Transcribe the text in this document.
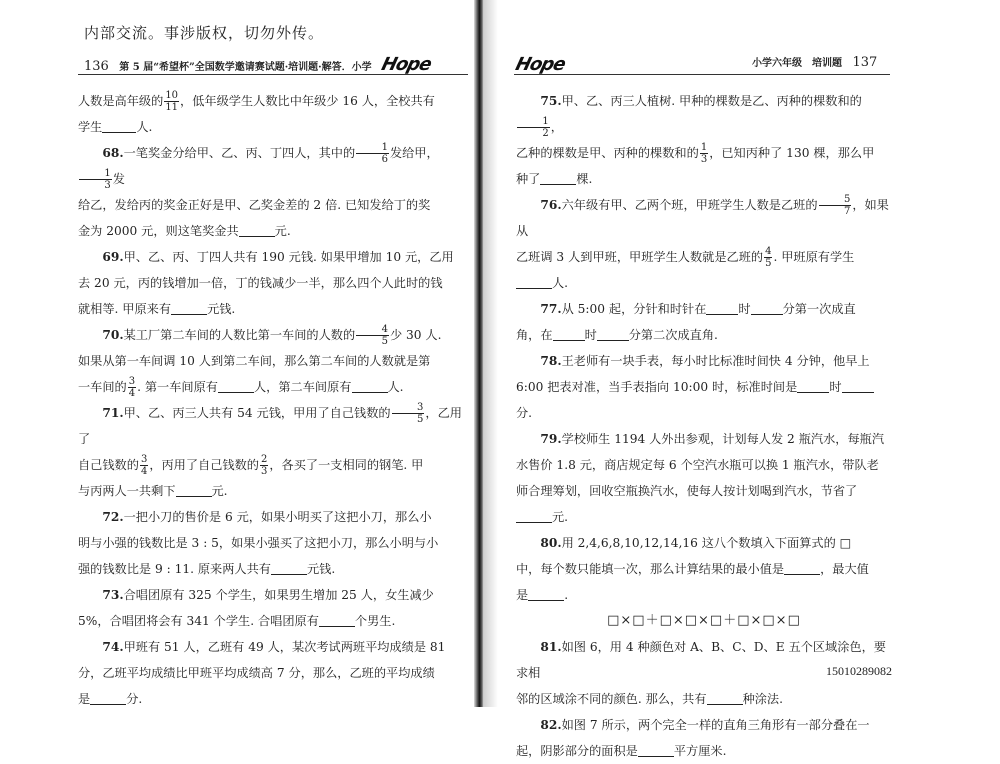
内部交流。事涉版权，切勿外传。
136 第 5 届“希望杯”全国数学邀请赛试题·培训题·解答．小学 Hope

人数是高年级的 $\frac{10}{11}$ ，低年级学生人数比中年级少 16 人，全校共有

学生	人.

68.一笔奖金分给甲、乙、丙、丁四人，其中的 $\frac{1}{6}$ 发给甲，
$\frac{1}{3}$ 发

给乙，发给丙的奖金正好是甲、乙奖金差的 2 倍. 已知发给丁的奖

金为 2000 元，则这笔奖金共	元.

69.甲、乙、丙、丁四人共有 190 元钱. 如果甲增加 10 元，乙用

去 20 元，丙的钱增加一倍，丁的钱减少一半，那么四个人此时的钱

就相等. 甲原来有	元钱.

70.某工厂第二车间的人数比第一车间的人数的 $\frac{4}{5}$ 少 30 人.

如果从第一车间调 10 人到第二车间，那么第二车间的人数就是第

一车间的 $\frac{3}{4}$ . 第一车间原有	人，第二车间原有	人.

71.甲、乙、丙三人共有 54 元钱，甲用了自己钱数的 $\frac{3}{5}$ ，乙用了

自己钱数的 $\frac{3}{4}$ ，丙用了自己钱数的 $\frac{2}{3}$ ，各买了一支相同的钢笔. 甲

与丙两人一共剩下	元.

72.一把小刀的售价是 6 元，如果小明买了这把小刀，那么小

明与小强的钱数比是 3 : 5，如果小强买了这把小刀，那么小明与小

强的钱数比是 9 : 11. 原来两人共有	元钱.

73.合唱团原有 325 个学生，如果男生增加 25 人，女生减少

5%，合唱团将会有 341 个学生. 合唱团原有	个男生.

74.甲班有 51 人，乙班有 49 人，某次考试两班平均成绩是 81

分，乙班平均成绩比甲班平均成绩高 7 分，那么，乙班的平均成绩

是	分.

Hope	小学六年级　培训题 137

75.甲、乙、丙三人植树. 甲种的棵数是乙、丙种的棵数和的
$\frac{1}{2}$ ，

乙种的棵数是甲、丙种的棵数和的 $\frac{1}{3}$ ，已知丙种了 130 棵，那么甲

种了	棵.

76.六年级有甲、乙两个班，甲班学生人数是乙班的 $\frac{5}{7}$ ，如果从

乙班调 3 人到甲班，甲班学生人数就是乙班的 $\frac{4}{5}$ . 甲班原有学生

人.

77.从 5:00 起，分针和时针在	时	分第一次成直

角，在	时	分第二次成直角.

78.王老师有一块手表，每小时比标准时间快 4 分钟，他早上

6:00 把表对准，当手表指向 10:00 时，标准时间是	时

分.

79.学校师生 1194 人外出参观，计划每人发 2 瓶汽水，每瓶汽

水售价 1.8 元，商店规定每 6 个空汽水瓶可以换 1 瓶汽水，带队老

师合理筹划，回收空瓶换汽水，使每人按计划喝到汽水，节省了

元.

80.用 2,4,6,8,10,12,14,16 这八个数填入下面算式的 □

中，每个数只能填一次，那么计算结果的最小值是	，最大值

是	.

□×□＋□×□×□＋□×□×□

81.如图 6，用 4 种颜色对 A、B、C、D、E 五个区域涂色，要求相

邻的区域涂不同的颜色. 那么，共有	种涂法.

82.如图 7 所示，两个完全一样的直角三角形有一部分叠在一

起，阴影部分的面积是	平方厘米.

15010289082
